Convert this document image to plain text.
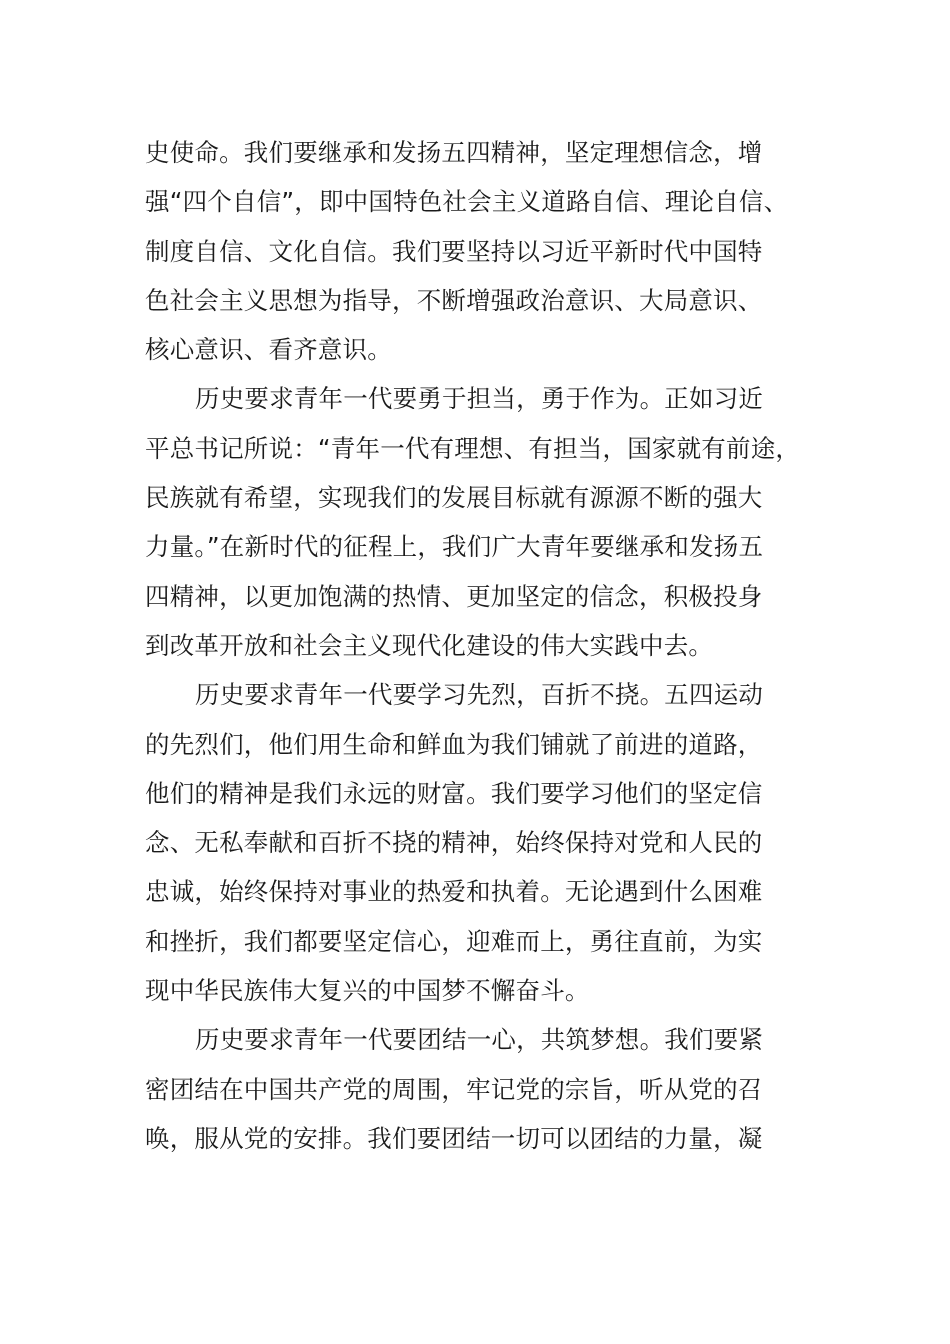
史使命。我们要继承和发扬五四精神，坚定理想信念，增
强“四个自信”，即中国特色社会主义道路自信、理论自信、
制度自信、文化自信。我们要坚持以习近平新时代中国特
色社会主义思想为指导，不断增强政治意识、大局意识、
核心意识、看齐意识。
历史要求青年一代要勇于担当，勇于作为。正如习近
平总书记所说：“青年一代有理想、有担当，国家就有前途，
民族就有希望，实现我们的发展目标就有源源不断的强大
力量。”在新时代的征程上，我们广大青年要继承和发扬五
四精神，以更加饱满的热情、更加坚定的信念，积极投身
到改革开放和社会主义现代化建设的伟大实践中去。
历史要求青年一代要学习先烈，百折不挠。五四运动
的先烈们，他们用生命和鲜血为我们铺就了前进的道路，
他们的精神是我们永远的财富。我们要学习他们的坚定信
念、无私奉献和百折不挠的精神，始终保持对党和人民的
忠诚，始终保持对事业的热爱和执着。无论遇到什么困难
和挫折，我们都要坚定信心，迎难而上，勇往直前，为实
现中华民族伟大复兴的中国梦不懈奋斗。
历史要求青年一代要团结一心，共筑梦想。我们要紧
密团结在中国共产党的周围，牢记党的宗旨，听从党的召
唤，服从党的安排。我们要团结一切可以团结的力量，凝
